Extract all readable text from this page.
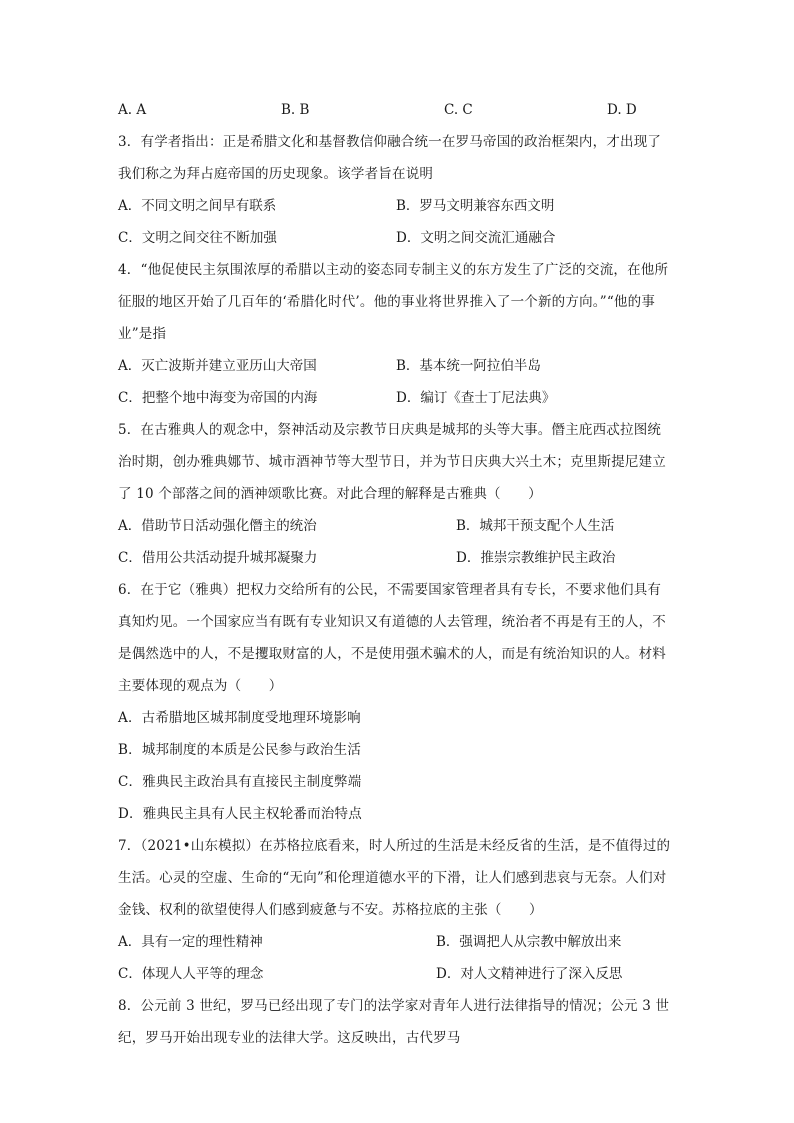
A. A	B. B	C. C	D. D
3．有学者指出：正是希腊文化和基督教信仰融合统一在罗马帝国的政治框架内，才出现了
我们称之为拜占庭帝国的历史现象。该学者旨在说明
A．不同文明之间早有联系	B．罗马文明兼容东西文明
C．文明之间交往不断加强	D．文明之间交流汇通融合
4．“他促使民主氛围浓厚的希腊以主动的姿态同专制主义的东方发生了广泛的交流，在他所
征服的地区开始了几百年的‘希腊化时代’。他的事业将世界推入了一个新的方向。”“他的事
业”是指
A．灭亡波斯并建立亚历山大帝国	B．基本统一阿拉伯半岛
C．把整个地中海变为帝国的内海	D．编订《查士丁尼法典》
5．在古雅典人的观念中，祭神活动及宗教节日庆典是城邦的头等大事。僭主庇西忒拉图统
治时期，创办雅典娜节、城市酒神节等大型节日，并为节日庆典大兴土木；克里斯提尼建立
了 10 个部落之间的酒神颂歌比赛。对此合理的解释是古雅典（　　）
A．借助节日活动强化僭主的统治	B．城邦干预支配个人生活
C．借用公共活动提升城邦凝聚力	D．推崇宗教维护民主政治
6．在于它（雅典）把权力交给所有的公民，不需要国家管理者具有专长，不要求他们具有
真知灼见。一个国家应当有既有专业知识又有道德的人去管理，统治者不再是有王的人，不
是偶然选中的人，不是攫取财富的人，不是使用强术骗术的人，而是有统治知识的人。材料
主要体现的观点为（　　）
A．古希腊地区城邦制度受地理环境影响
B．城邦制度的本质是公民参与政治生活
C．雅典民主政治具有直接民主制度弊端
D．雅典民主具有人民主权轮番而治特点
7．（2021•山东模拟）在苏格拉底看来，时人所过的生活是未经反省的生活，是不值得过的
生活。心灵的空虚、生命的“无向”和伦理道德水平的下滑，让人们感到悲哀与无奈。人们对
金钱、权利的欲望使得人们感到疲惫与不安。苏格拉底的主张（　　）
A．具有一定的理性精神	B．强调把人从宗教中解放出来
C．体现人人平等的理念	D．对人文精神进行了深入反思
8．公元前 3 世纪，罗马已经出现了专门的法学家对青年人进行法律指导的情况；公元 3 世
纪，罗马开始出现专业的法律大学。这反映出，古代罗马
